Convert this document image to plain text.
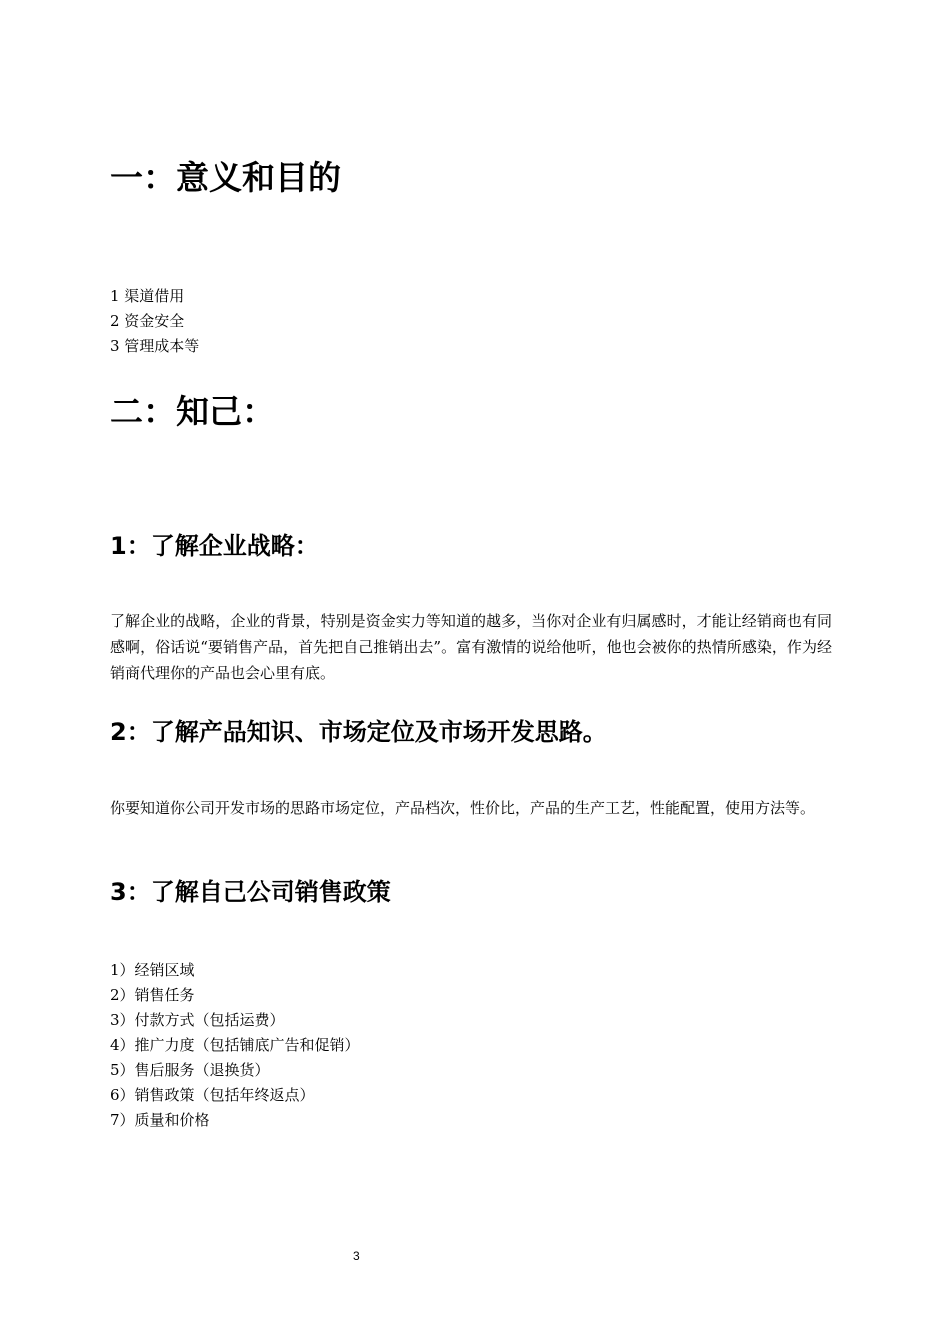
一：意义和目的
1 渠道借用
2 资金安全
3 管理成本等
二：知己：
1：了解企业战略：

了解企业的战略，企业的背景，特别是资金实力等知道的越多，当你对企业有归属感时，才能让经销商也有同感啊，俗话说“要销售产品，首先把自己推销出去”。富有激情的说给他听，他也会被你的热情所感染，作为经销商代理你的产品也会心里有底。

2：了解产品知识、市场定位及市场开发思路。

你要知道你公司开发市场的思路市场定位，产品档次，性价比，产品的生产工艺，性能配置，使用方法等。

3：了解自己公司销售政策
1）经销区域
2）销售任务
3）付款方式（包括运费）
4）推广力度（包括铺底广告和促销）
5）售后服务（退换货）
6）销售政策（包括年终返点）
7）质量和价格
3
